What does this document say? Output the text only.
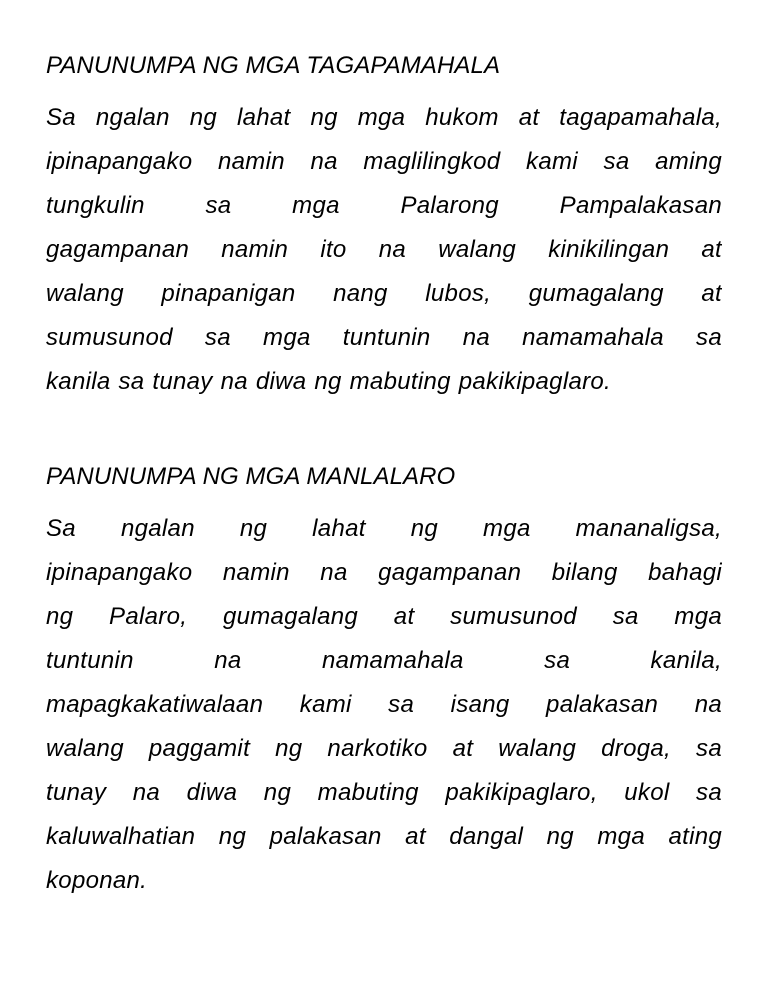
PANUNUMPA NG MGA TAGAPAMAHALA
Sa ngalan ng lahat ng mga hukom at tagapamahala,
ipinapangako namin na maglilingkod kami sa aming
tungkulin sa mga Palarong Pampalakasan
gagampanan namin ito na walang kinikilingan at
walang pinapanigan nang lubos, gumagalang at
sumusunod sa mga tuntunin na namamahala sa
kanila sa tunay na diwa ng mabuting pakikipaglaro.
PANUNUMPA NG MGA MANLALARO
Sa ngalan ng lahat ng mga mananaligsa,
ipinapangako namin na gagampanan bilang bahagi
ng Palaro, gumagalang at sumusunod sa mga
tuntunin na namamahala sa kanila,
mapagkakatiwalaan kami sa isang palakasan na
walang paggamit ng narkotiko at walang droga, sa
tunay na diwa ng mabuting pakikipaglaro, ukol sa
kaluwalhatian ng palakasan at dangal ng mga ating
koponan.
